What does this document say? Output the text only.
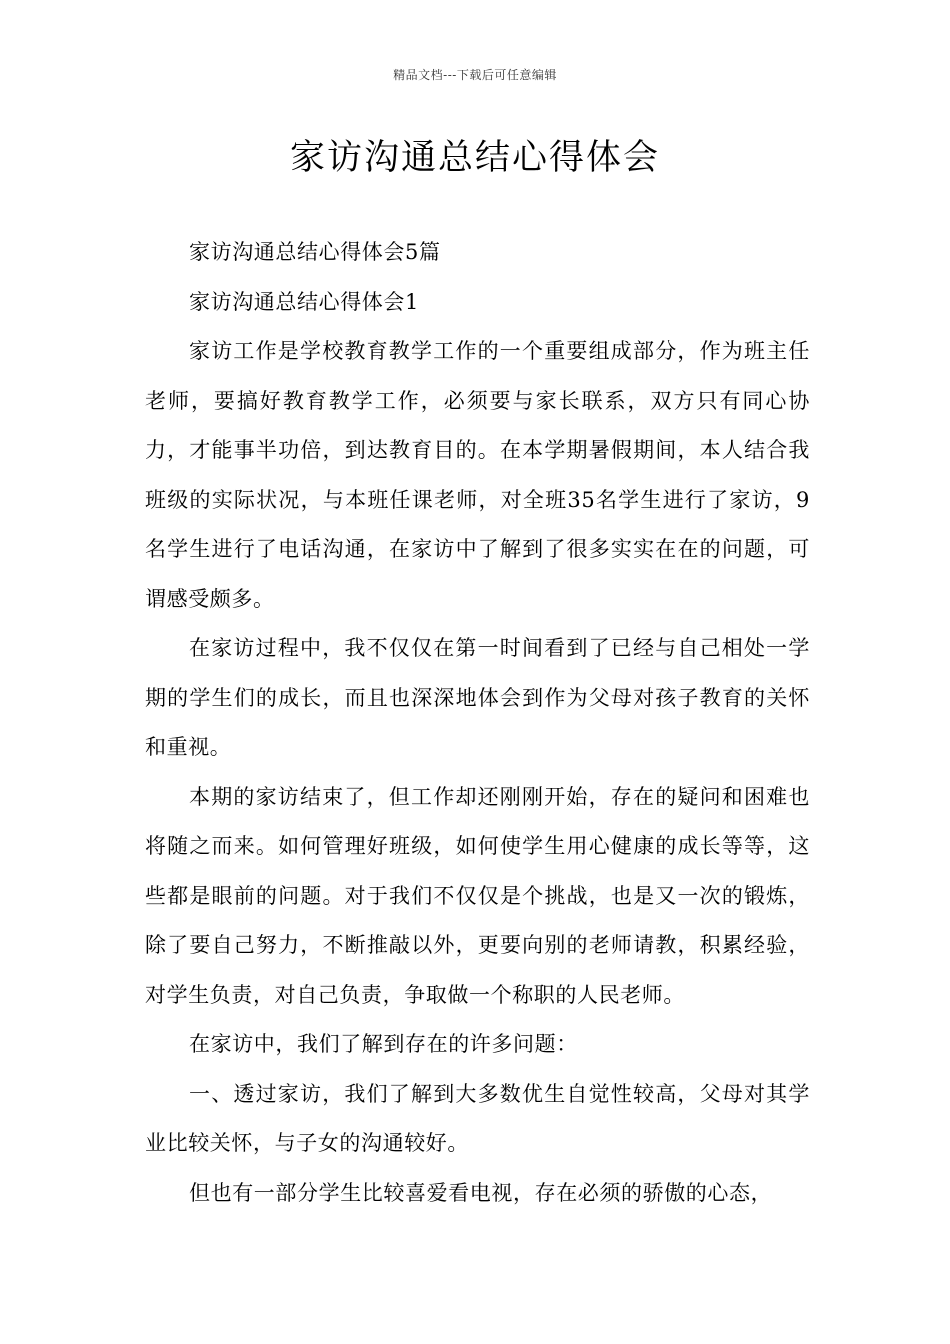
精品文档---下载后可任意编辑
家访沟通总结心得体会

家访沟通总结心得体会5篇

家访沟通总结心得体会1

家访工作是学校教育教学工作的一个重要组成部分，作为班主任老师，要搞好教育教学工作，必须要与家长联系，双方只有同心协力，才能事半功倍，到达教育目的。在本学期暑假期间，本人结合我班级的实际状况，与本班任课老师，对全班35名学生进行了家访，9名学生进行了电话沟通，在家访中了解到了很多实实在在的问题，可谓感受颇多。

在家访过程中，我不仅仅在第一时间看到了已经与自己相处一学期的学生们的成长，而且也深深地体会到作为父母对孩子教育的关怀和重视。

本期的家访结束了，但工作却还刚刚开始，存在的疑问和困难也将随之而来。如何管理好班级，如何使学生用心健康的成长等等，这些都是眼前的问题。对于我们不仅仅是个挑战，也是又一次的锻炼，除了要自己努力，不断推敲以外，更要向别的老师请教，积累经验，对学生负责，对自己负责，争取做一个称职的人民老师。

在家访中，我们了解到存在的许多问题：

一、透过家访，我们了解到大多数优生自觉性较高，父母对其学业比较关怀，与子女的沟通较好。

但也有一部分学生比较喜爱看电视，存在必须的骄傲的心态，
